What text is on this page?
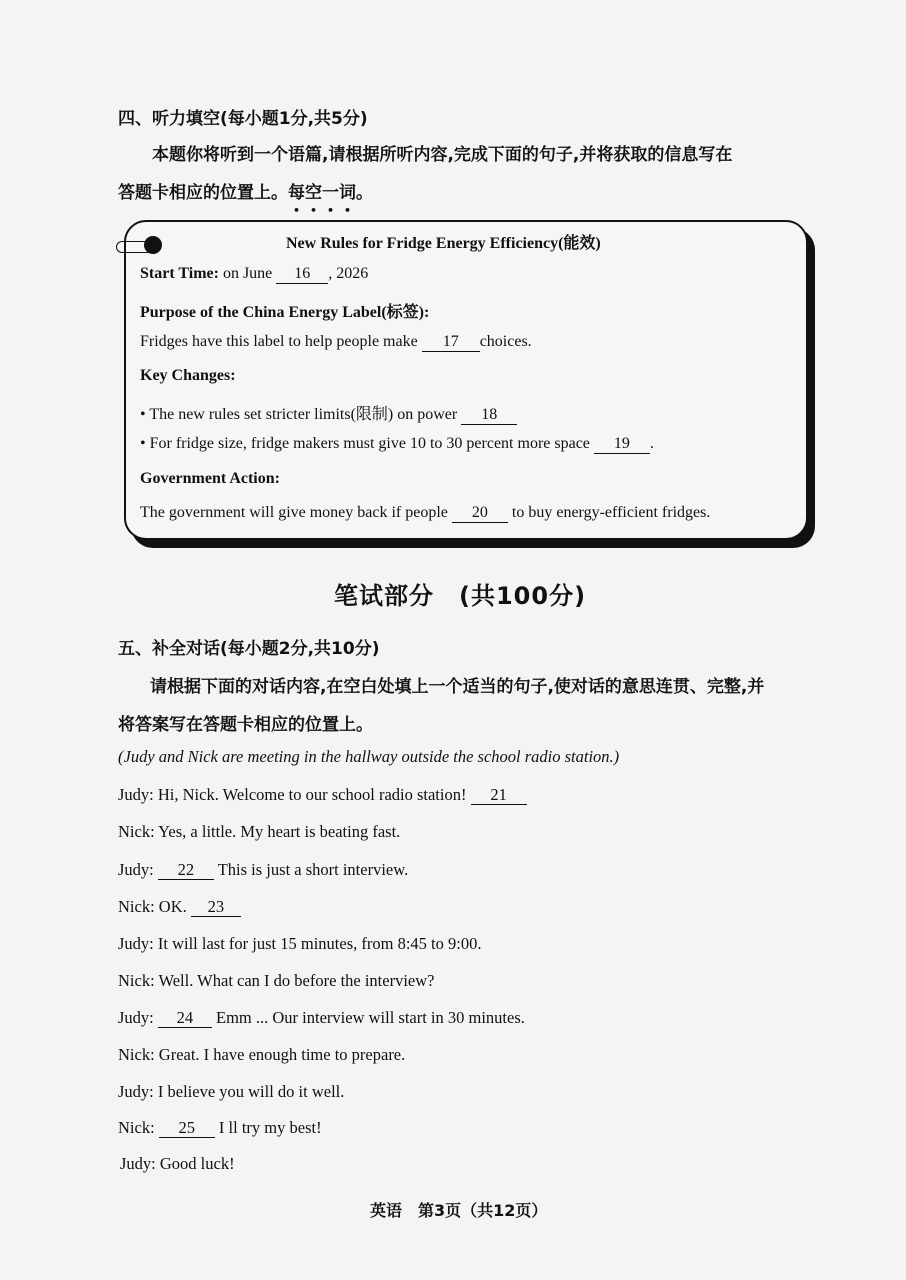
四、听力填空(每小题1分,共5分)
本题你将听到一个语篇,请根据所听内容,完成下面的句子,并将获取的信息写在
答题卡相应的位置上。每空一词。
New Rules for Fridge Energy Efficiency(能效)
Start Time: on June 16 , 2026
Purpose of the China Energy Label(标签):
Fridges have this label to help people make 17 choices.
Key Changes:
• The new rules set stricter limits(限制) on power 18
• For fridge size, fridge makers must give 10 to 30 percent more space 19 .
Government Action:
The government will give money back if people 20 to buy energy-efficient fridges.
笔试部分　(共100分)
五、补全对话(每小题2分,共10分)
请根据下面的对话内容,在空白处填上一个适当的句子,使对话的意思连贯、完整,并
将答案写在答题卡相应的位置上。
(Judy and Nick are meeting in the hallway outside the school radio station.)
Judy: Hi, Nick. Welcome to our school radio station! 21
Nick: Yes, a little. My heart is beating fast.
Judy: 22 This is just a short interview.
Nick: OK. 23
Judy: It will last for just 15 minutes, from 8:45 to 9:00.
Nick: Well. What can I do before the interview?
Judy: 24 Emm ... Our interview will start in 30 minutes.
Nick: Great. I have enough time to prepare.
Judy: I believe you will do it well.
Nick: 25 I ll try my best!
Judy: Good luck!
英语　第3页（共12页）
